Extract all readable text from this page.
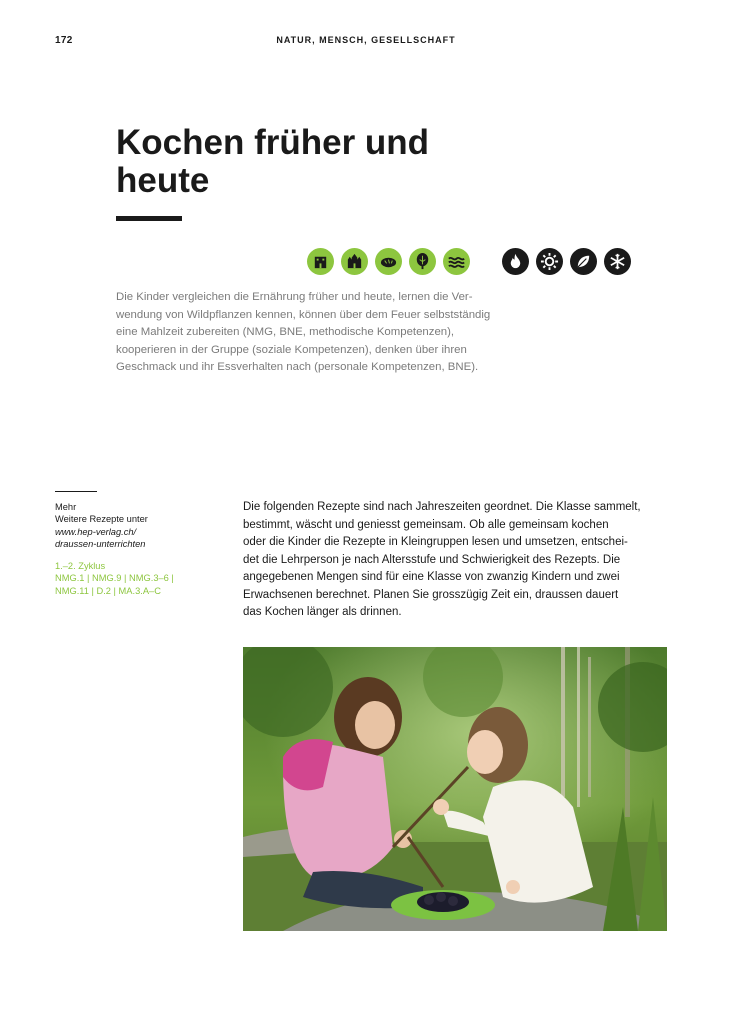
172	NATUR, MENSCH, GESELLSCHAFT
Kochen früher und
heute

Die Kinder vergleichen die Ernährung früher und heute, lernen die Ver-
wendung von Wildpflanzen kennen, können über dem Feuer selbstständig
eine Mahlzeit zubereiten (NMG, BNE, methodische Kompetenzen),
kooperieren in der Gruppe (soziale Kompetenzen), denken über ihren
Geschmack und ihr Essverhalten nach (personale Kompetenzen, BNE).

Mehr
Weitere Rezepte unter
www.hep-verlag.ch/
draussen-unterrichten
1.–2. Zyklus
NMG.1 | NMG.9 | NMG.3–6 |
NMG.11 | D.2 | MA.3.A–C

Die folgenden Rezepte sind nach Jahreszeiten geordnet. Die Klasse sammelt,
bestimmt, wäscht und geniesst gemeinsam. Ob alle gemeinsam kochen
oder die Kinder die Rezepte in Kleingruppen lesen und umsetzen, entschei-
det die Lehrperson je nach Altersstufe und Schwierigkeit des Rezepts. Die
angegebenen Mengen sind für eine Klasse von zwanzig Kindern und zwei
Erwachsenen berechnet. Planen Sie grosszügig Zeit ein, draussen dauert
das Kochen länger als drinnen.
